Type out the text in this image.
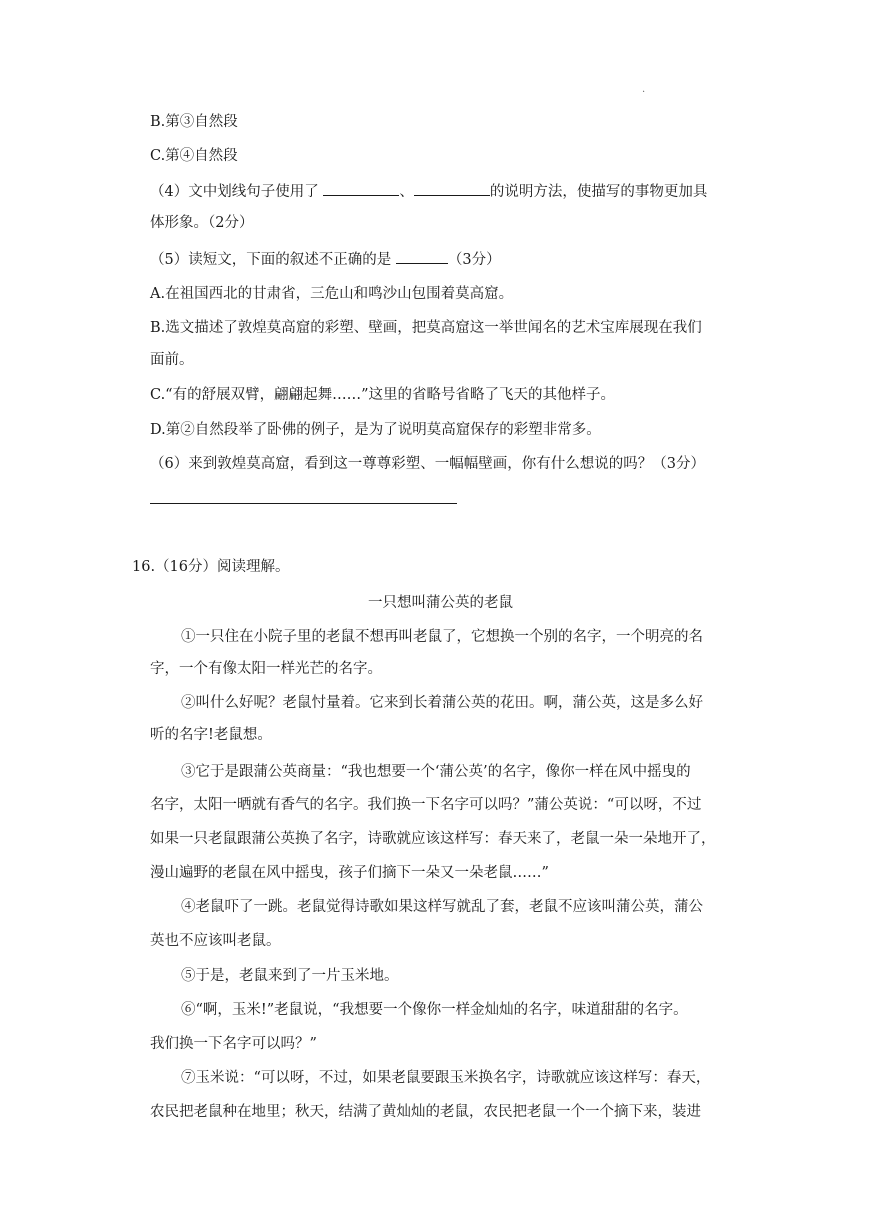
.
B.第③自然段
C.第④自然段
（4）文中划线句子使用了	、	的说明方法，使描写的事物更加具
体形象。（2分）
（5）读短文，下面的叙述不正确的是	（3分）
A.在祖国西北的甘肃省，三危山和鸣沙山包围着莫高窟。
B.选文描述了敦煌莫高窟的彩塑、壁画，把莫高窟这一举世闻名的艺术宝库展现在我们
面前。
C.“有的舒展双臂，翩翩起舞……”这里的省略号省略了飞天的其他样子。
D.第②自然段举了卧佛的例子，是为了说明莫高窟保存的彩塑非常多。
（6）来到敦煌莫高窟，看到这一尊尊彩塑、一幅幅壁画，你有什么想说的吗？（3分）
16.（16分）阅读理解。
一只想叫蒲公英的老鼠
①一只住在小院子里的老鼠不想再叫老鼠了，它想换一个别的名字，一个明亮的名
字，一个有像太阳一样光芒的名字。
②叫什么好呢？老鼠忖量着。它来到长着蒲公英的花田。啊，蒲公英，这是多么好
听的名字!老鼠想。
③它于是跟蒲公英商量：“我也想要一个‘蒲公英’的名字，像你一样在风中摇曳的
名字，太阳一晒就有香气的名字。我们换一下名字可以吗？”蒲公英说：“可以呀，不过
如果一只老鼠跟蒲公英换了名字，诗歌就应该这样写：春天来了，老鼠一朵一朵地开了，
漫山遍野的老鼠在风中摇曳，孩子们摘下一朵又一朵老鼠……”
④老鼠吓了一跳。老鼠觉得诗歌如果这样写就乱了套，老鼠不应该叫蒲公英，蒲公
英也不应该叫老鼠。
⑤于是，老鼠来到了一片玉米地。
⑥“啊，玉米!”老鼠说，“我想要一个像你一样金灿灿的名字，味道甜甜的名字。
我们换一下名字可以吗？”
⑦玉米说：“可以呀，不过，如果老鼠要跟玉米换名字，诗歌就应该这样写：春天，
农民把老鼠种在地里；秋天，结满了黄灿灿的老鼠，农民把老鼠一个一个摘下来，装进
